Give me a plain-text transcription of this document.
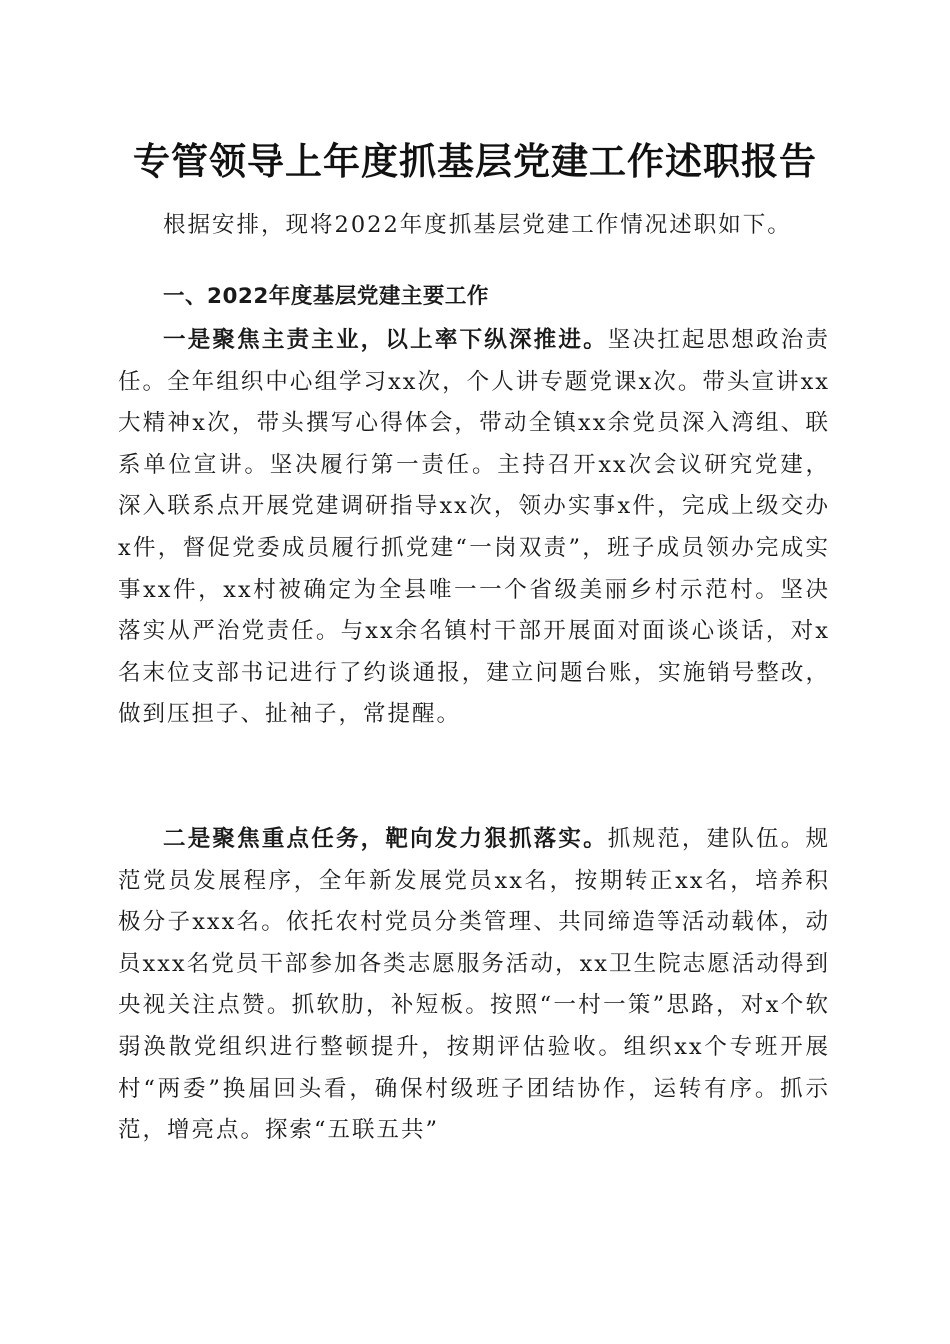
专管领导上年度抓基层党建工作述职报告

根据安排，现将2022年度抓基层党建工作情况述职如下。

一、2022年度基层党建主要工作

一是聚焦主责主业，以上率下纵深推进。坚决扛起思想政治责任。全年组织中心组学习xx次，个人讲专题党课x次。带头宣讲xx大精神x次，带头撰写心得体会，带动全镇xx余党员深入湾组、联系单位宣讲。坚决履行第一责任。主持召开xx次会议研究党建，深入联系点开展党建调研指导xx次，领办实事x件，完成上级交办x件，督促党委成员履行抓党建“一岗双责”，班子成员领办完成实事xx件，xx村被确定为全县唯一一个省级美丽乡村示范村。坚决落实从严治党责任。与xx余名镇村干部开展面对面谈心谈话，对x名末位支部书记进行了约谈通报，建立问题台账，实施销号整改，做到压担子、扯袖子，常提醒。

二是聚焦重点任务，靶向发力狠抓落实。抓规范，建队伍。规范党员发展程序，全年新发展党员xx名，按期转正xx名，培养积极分子xxx名。依托农村党员分类管理、共同缔造等活动载体，动员xxx名党员干部参加各类志愿服务活动，xx卫生院志愿活动得到央视关注点赞。抓软肋，补短板。按照“一村一策”思路，对x个软弱涣散党组织进行整顿提升，按期评估验收。组织xx个专班开展村“两委”换届回头看，确保村级班子团结协作，运转有序。抓示范，增亮点。探索“五联五共”
